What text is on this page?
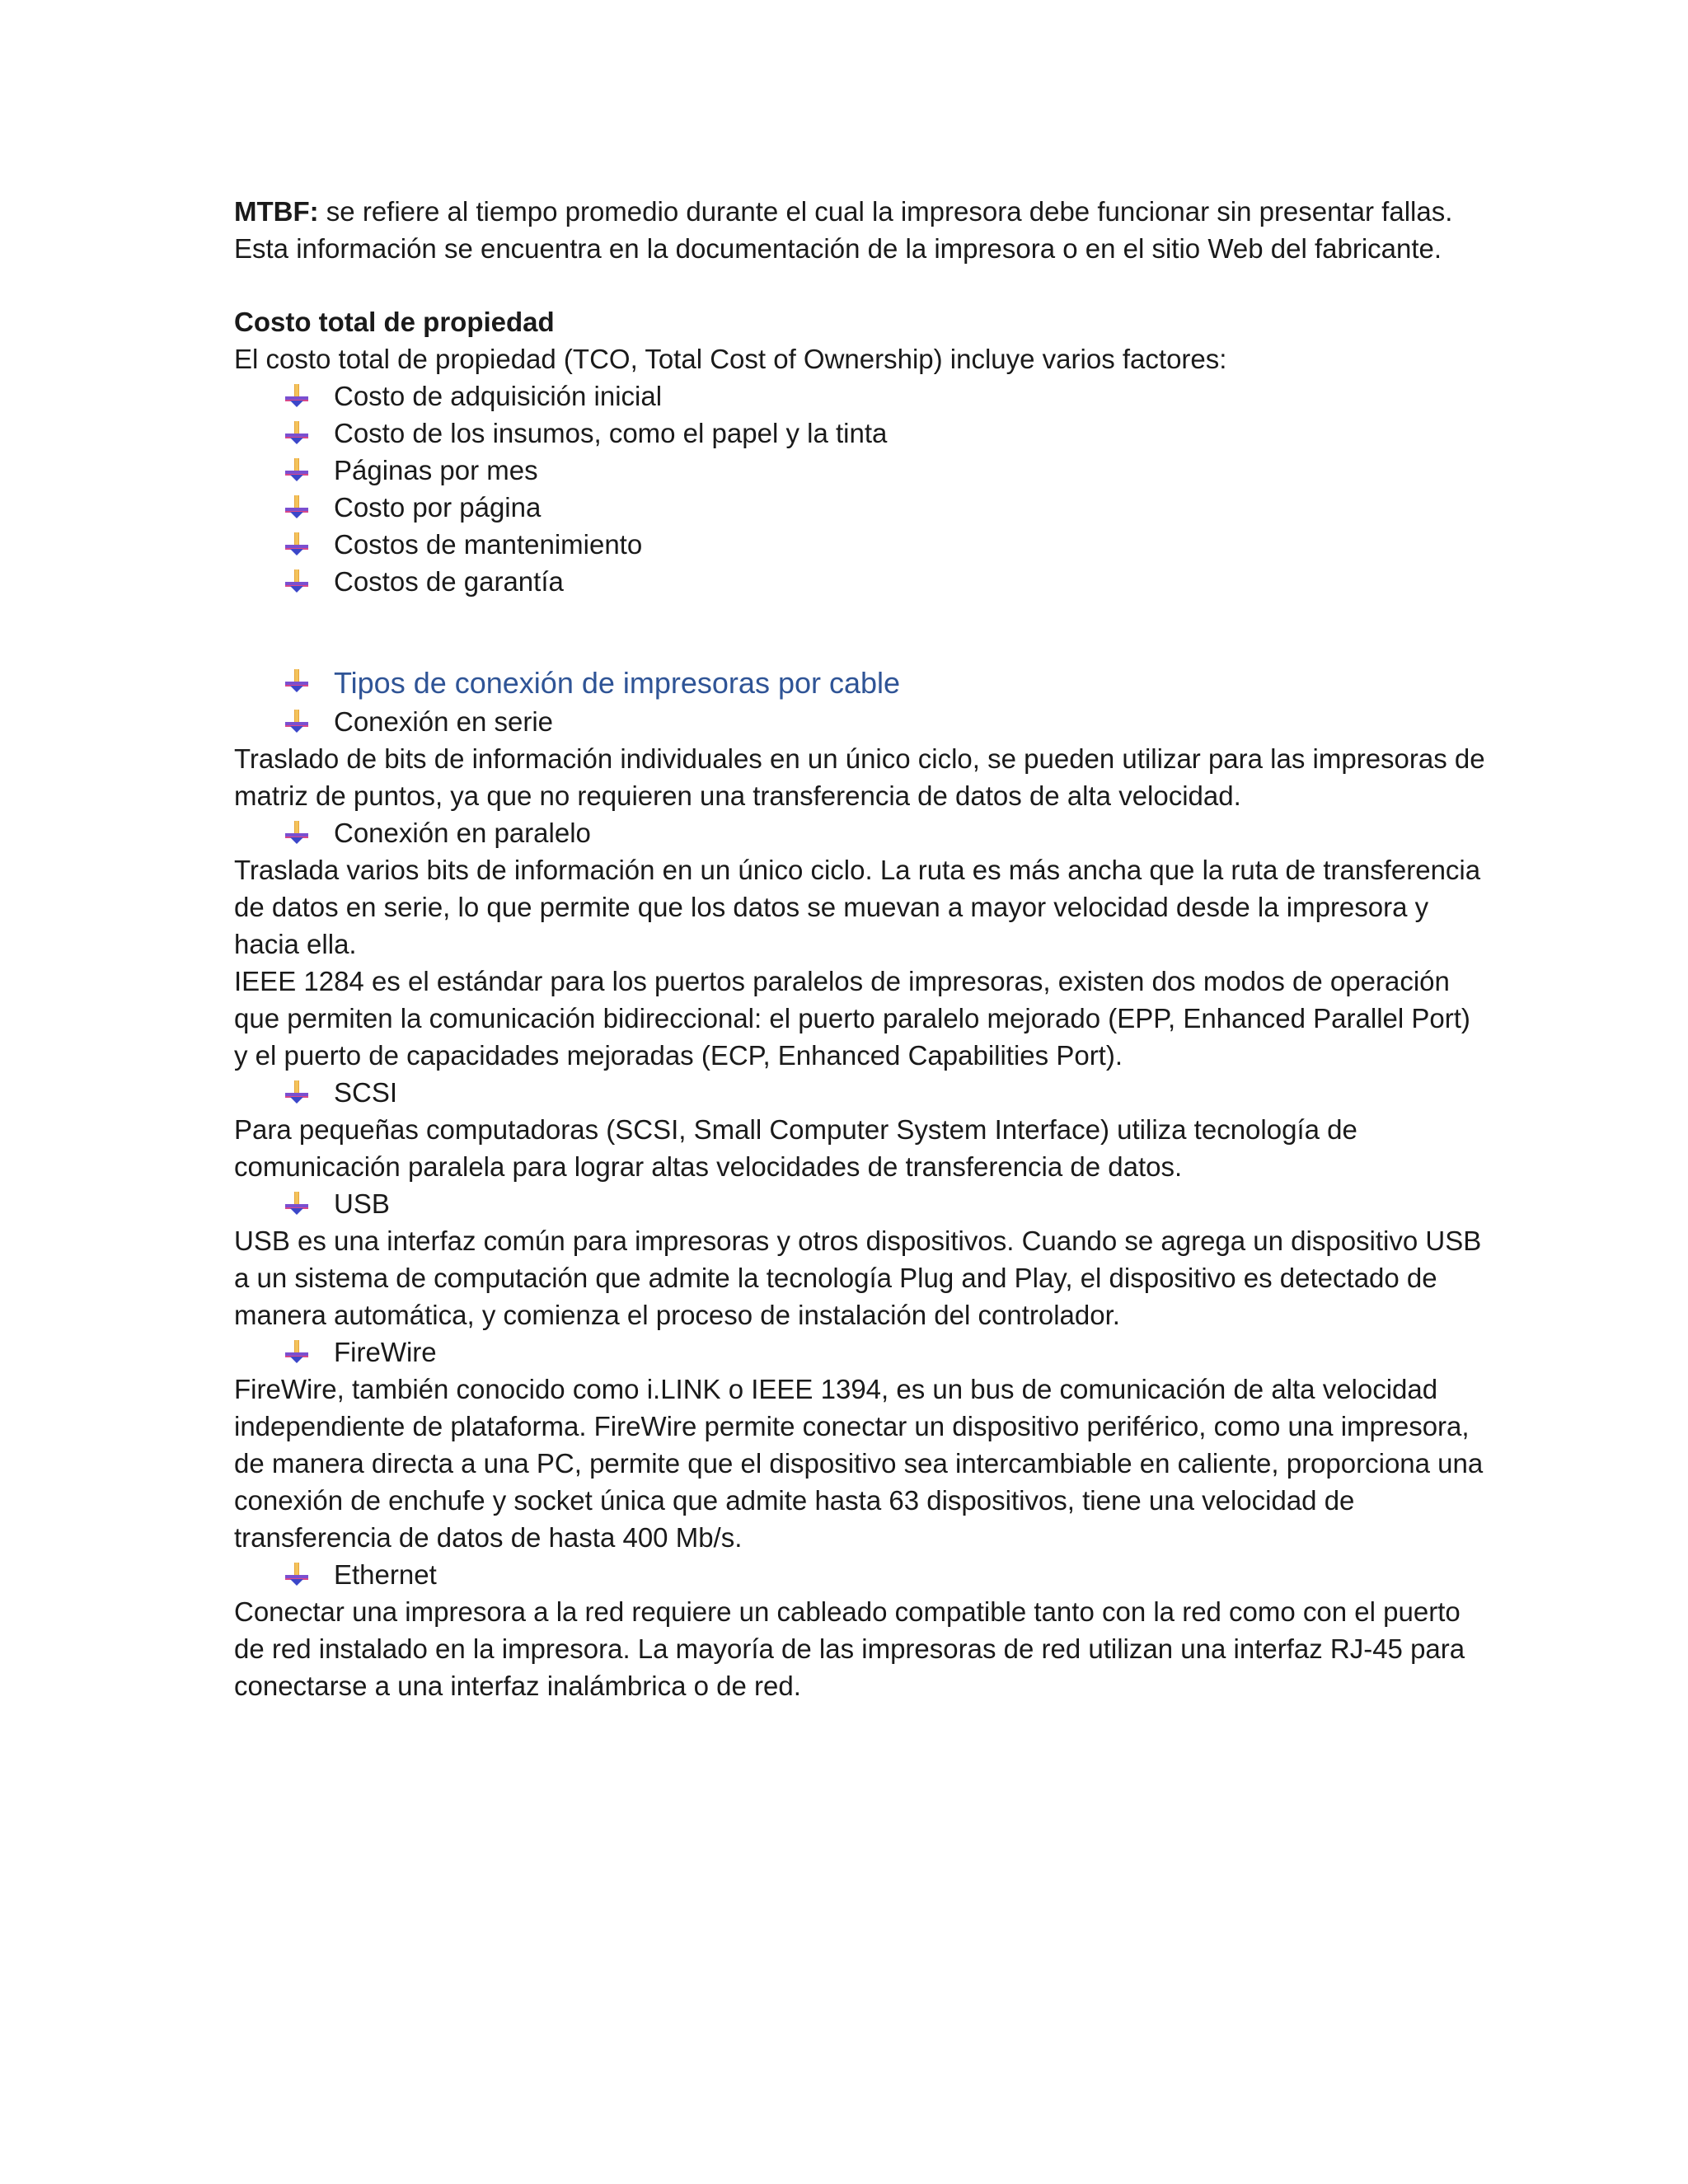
MTBF: se refiere al tiempo promedio durante el cual la impresora debe funcionar sin presentar fallas. Esta información se encuentra en la documentación de la impresora o en el sitio Web del fabricante.

Costo total de propiedad

El costo total de propiedad (TCO, Total Cost of Ownership) incluye varios factores:

Costo de adquisición inicial
Costo de los insumos, como el papel y la tinta
Páginas por mes
Costo por página
Costos de mantenimiento
Costos de garantía
Tipos de conexión de impresoras por cable
Conexión en serie

Traslado de bits de información individuales en un único ciclo, se pueden utilizar para las impresoras de matriz de puntos, ya que no requieren una transferencia de datos de alta velocidad.

Conexión en paralelo

Traslada varios bits de información en un único ciclo. La ruta es más ancha que la ruta de transferencia de datos en serie, lo que permite que los datos se muevan a mayor velocidad desde la impresora y hacia ella.

IEEE 1284 es el estándar para los puertos paralelos de impresoras, existen dos modos de operación que permiten la comunicación bidireccional: el puerto paralelo mejorado (EPP, Enhanced Parallel Port) y el puerto de capacidades mejoradas (ECP, Enhanced Capabilities Port).

SCSI

Para pequeñas computadoras (SCSI, Small Computer System Interface) utiliza tecnología de comunicación paralela para lograr altas velocidades de transferencia de datos.

USB

USB es una interfaz común para impresoras y otros dispositivos. Cuando se agrega un dispositivo USB a un sistema de computación que admite la tecnología Plug and Play, el dispositivo es detectado de manera automática, y comienza el proceso de instalación del controlador.

FireWire

FireWire, también conocido como i.LINK o IEEE 1394, es un bus de comunicación de alta velocidad independiente de plataforma. FireWire permite conectar un dispositivo periférico, como una impresora, de manera directa a una PC, permite que el dispositivo sea intercambiable en caliente, proporciona una conexión de enchufe y socket única que admite hasta 63 dispositivos, tiene una velocidad de transferencia de datos de hasta 400 Mb/s.

Ethernet

Conectar una impresora a la red requiere un cableado compatible tanto con la red como con el puerto de red instalado en la impresora. La mayoría de las impresoras de red utilizan una interfaz RJ-45 para conectarse a una interfaz inalámbrica o de red.
